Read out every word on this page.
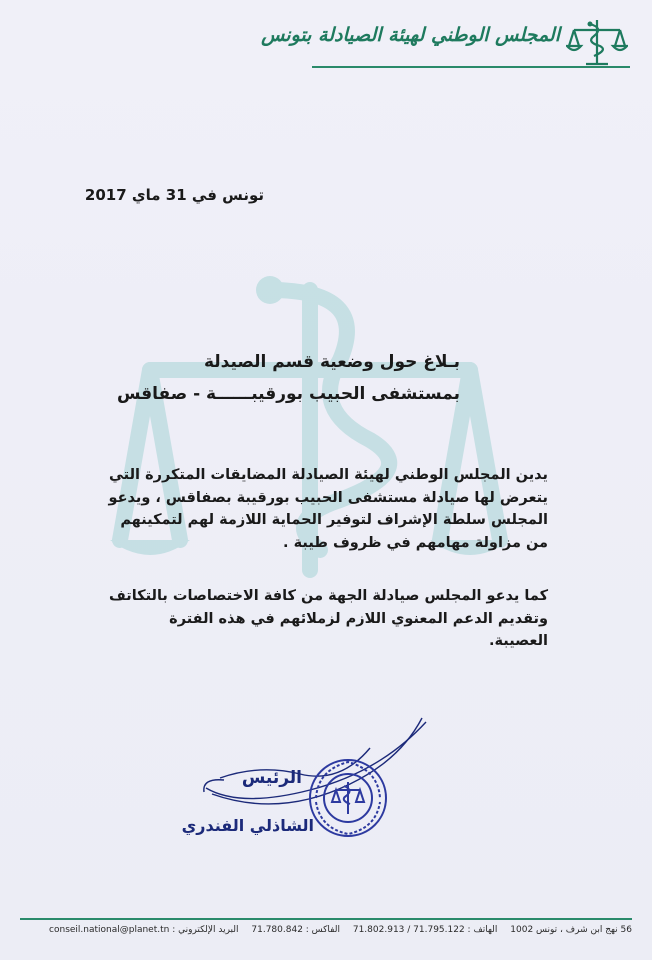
المجلس الوطني لهيئة الصيادلة بتونس
تونس في 31 ماي 2017
بـلاغ حول وضعية قسم الصيدلة
بمستشفى الحبيب بورقيبــــــة - صفاقس
يدين المجلس الوطني لهيئة الصيادلة المضايقات المتكررة التي يتعرض لها صيادلة مستشفى الحبيب بورقيبة بصفاقس ، ويدعو المجلس سلطة الإشراف لتوفير الحماية اللازمة لهم لتمكينهم من مزاولة مهامهم في ظروف طيبة .
كما يدعو المجلس صيادلة الجهة من كافة الاختصاصات بالتكاتف وتقديم الدعم المعنوي اللازم لزملائهم في هذه الفترة العصيبة.
الرئيس
الشاذلي الفندري
56 نهج ابن شرف ، تونس 1002 الهاتف : 71.795.122 / 71.802.913 الفاكس : 71.780.842 البريد الإلكتروني : conseil.national@planet.tn
